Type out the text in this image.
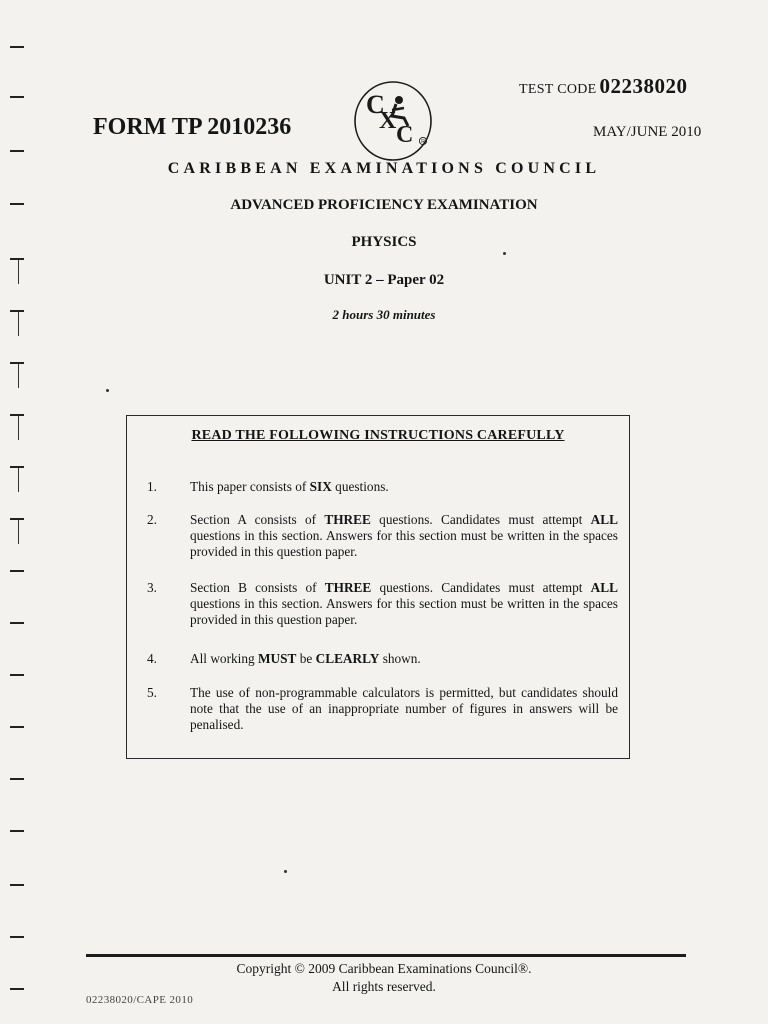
TEST CODE 02238020
FORM TP 2010236
C
X
C R
MAY/JUNE 2010
CARIBBEAN EXAMINATIONS COUNCIL
ADVANCED PROFICIENCY EXAMINATION
PHYSICS
UNIT 2 – Paper 02
2 hours 30 minutes
READ THE FOLLOWING INSTRUCTIONS CAREFULLY
1. This paper consists of SIX questions.
2. Section A consists of THREE questions. Candidates must attempt ALL questions in this section. Answers for this section must be written in the spaces provided in this question paper.
3. Section B consists of THREE questions. Candidates must attempt ALL questions in this section. Answers for this section must be written in the spaces provided in this question paper.
4. All working MUST be CLEARLY shown.
5. The use of non-programmable calculators is permitted, but candidates should note that the use of an inappropriate number of figures in answers will be penalised.
Copyright © 2009 Caribbean Examinations Council®.
All rights reserved.
02238020/CAPE 2010
